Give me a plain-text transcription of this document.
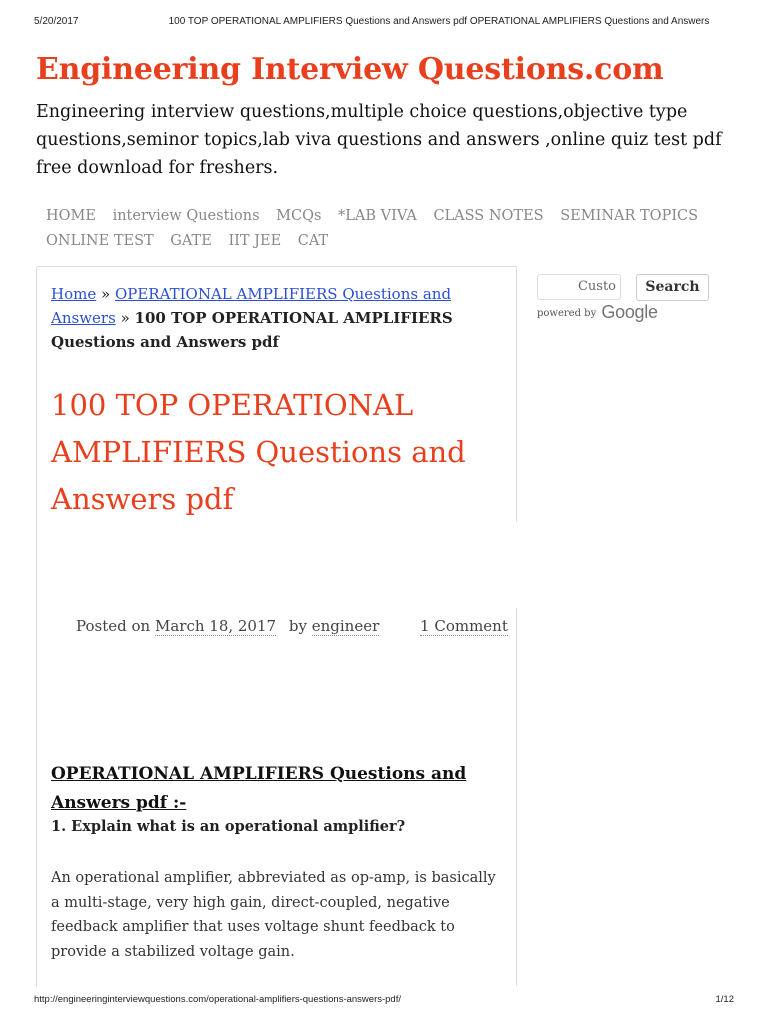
5/20/2017	100 TOP OPERATIONAL AMPLIFIERS Questions and Answers pdf OPERATIONAL AMPLIFIERS Questions and Answers
Engineering Interview Questions.com

Engineering interview questions,multiple choice questions,objective type questions,seminor topics,lab viva questions and answers ,online quiz test pdf free download for freshers.

HOME interview Questions MCQs *LAB VIVA CLASS NOTES SEMINAR TOPICS ONLINE TEST GATE IIT JEE CAT
Home » OPERATIONAL AMPLIFIERS Questions and Answers » 100 TOP OPERATIONAL AMPLIFIERS Questions and Answers pdf
100 TOP OPERATIONAL AMPLIFIERS Questions and Answers pdf
Posted on March 18, 2017 by engineer	1 Comment
OPERATIONAL AMPLIFIERS Questions and Answers pdf :-
1. Explain what is an operational amplifier?

An operational amplifier, abbreviated as op-amp, is basically a multi-stage, very high gain, direct-coupled, negative feedback amplifier that uses voltage shunt feedback to provide a stabilized voltage gain.

Custo	Search
powered by Google
http://engineeringinterviewquestions.com/operational-amplifiers-questions-answers-pdf/	1/12
